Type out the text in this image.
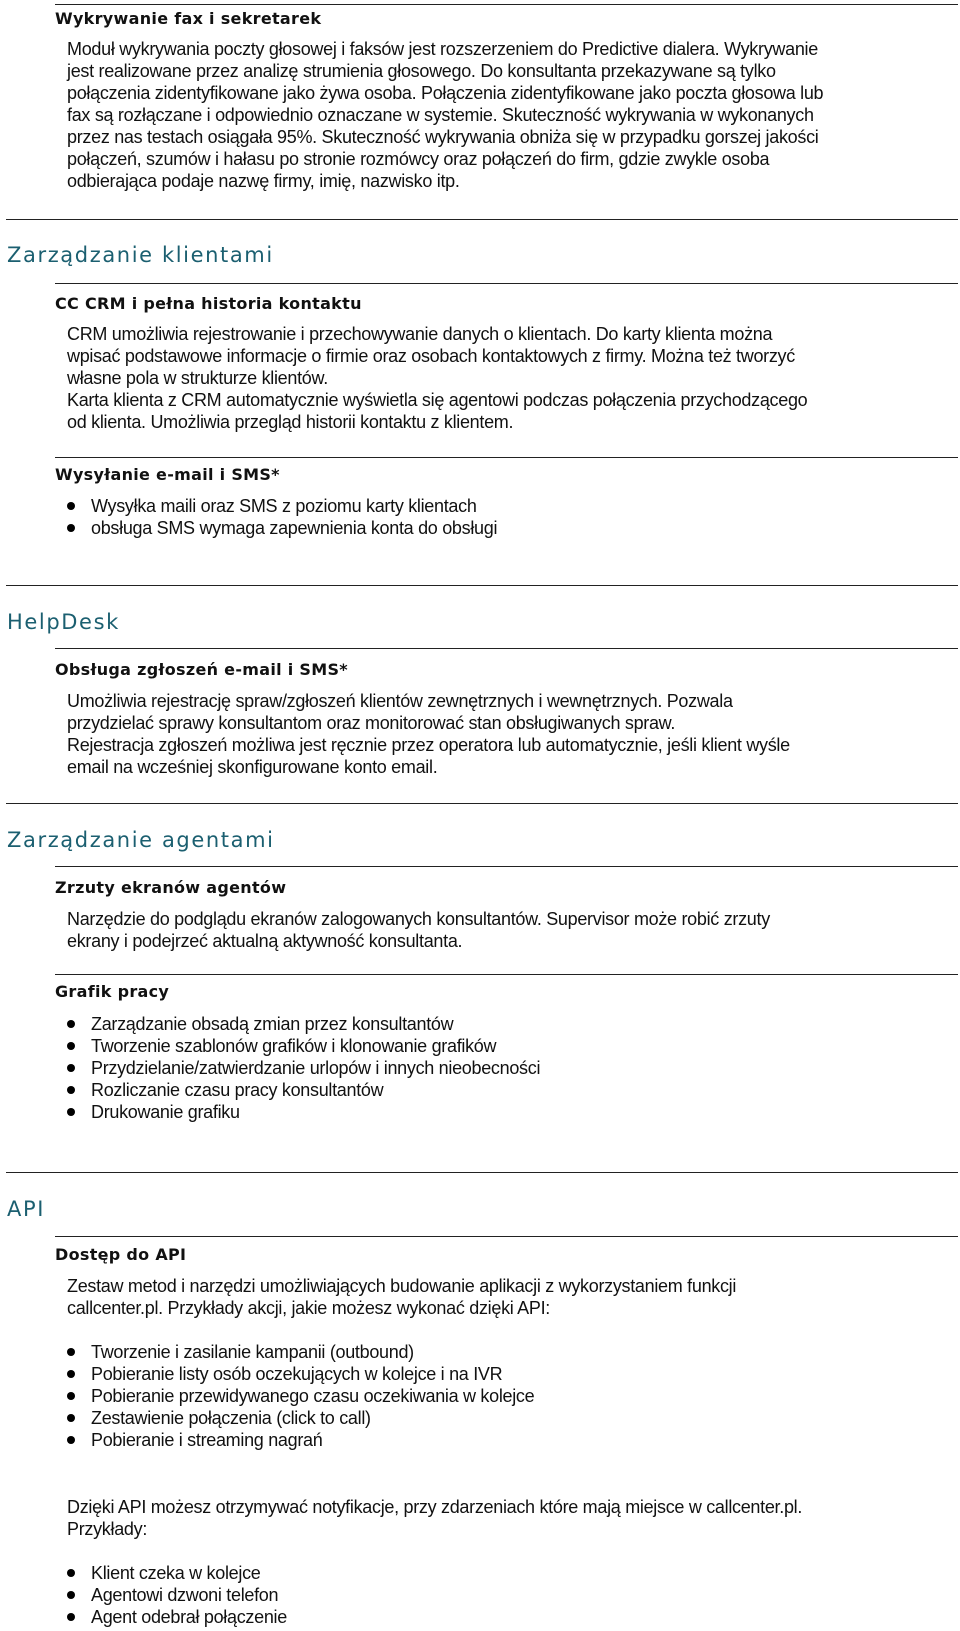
Wykrywanie fax i sekretarek
Moduł wykrywania poczty głosowej i faksów jest rozszerzeniem do Predictive dialera. Wykrywanie
jest realizowane przez analizę strumienia głosowego. Do konsultanta przekazywane są tylko
połączenia zidentyfikowane jako żywa osoba. Połączenia zidentyfikowane jako poczta głosowa lub
fax są rozłączane i odpowiednio oznaczane w systemie. Skuteczność wykrywania w wykonanych
przez nas testach osiągała 95%. Skuteczność wykrywania obniża się w przypadku gorszej jakości
połączeń, szumów i hałasu po stronie rozmówcy oraz połączeń do firm, gdzie zwykle osoba
odbierająca podaje nazwę firmy, imię, nazwisko itp.
Zarządzanie klientami
CC CRM i pełna historia kontaktu
CRM umożliwia rejestrowanie i przechowywanie danych o klientach. Do karty klienta można
wpisać podstawowe informacje o firmie oraz osobach kontaktowych z firmy. Można też tworzyć
własne pola w strukturze klientów.
Karta klienta z CRM automatycznie wyświetla się agentowi podczas połączenia przychodzącego
od klienta. Umożliwia przegląd historii kontaktu z klientem.
Wysyłanie e-mail i SMS*
Wysyłka maili oraz SMS z poziomu karty klientach
obsługa SMS wymaga zapewnienia konta do obsługi
HelpDesk
Obsługa zgłoszeń e-mail i SMS*
Umożliwia rejestrację spraw/zgłoszeń klientów zewnętrznych i wewnętrznych. Pozwala
przydzielać sprawy konsultantom oraz monitorować stan obsługiwanych spraw.
Rejestracja zgłoszeń możliwa jest ręcznie przez operatora lub automatycznie, jeśli klient wyśle
email na wcześniej skonfigurowane konto email.
Zarządzanie agentami
Zrzuty ekranów agentów
Narzędzie do podglądu ekranów zalogowanych konsultantów. Supervisor może robić zrzuty
ekrany i podejrzeć aktualną aktywność konsultanta.
Grafik pracy
Zarządzanie obsadą zmian przez konsultantów
Tworzenie szablonów grafików i klonowanie grafików
Przydzielanie/zatwierdzanie urlopów i innych nieobecności
Rozliczanie czasu pracy konsultantów
Drukowanie grafiku
API
Dostęp do API
Zestaw metod i narzędzi umożliwiających budowanie aplikacji z wykorzystaniem funkcji
callcenter.pl. Przykłady akcji, jakie możesz wykonać dzięki API:
Tworzenie i zasilanie kampanii (outbound)
Pobieranie listy osób oczekujących w kolejce i na IVR
Pobieranie przewidywanego czasu oczekiwania w kolejce
Zestawienie połączenia (click to call)
Pobieranie i streaming nagrań
Dzięki API możesz otrzymywać notyfikacje, przy zdarzeniach które mają miejsce w callcenter.pl.
Przykłady:
Klient czeka w kolejce
Agentowi dzwoni telefon
Agent odebrał połączenie
